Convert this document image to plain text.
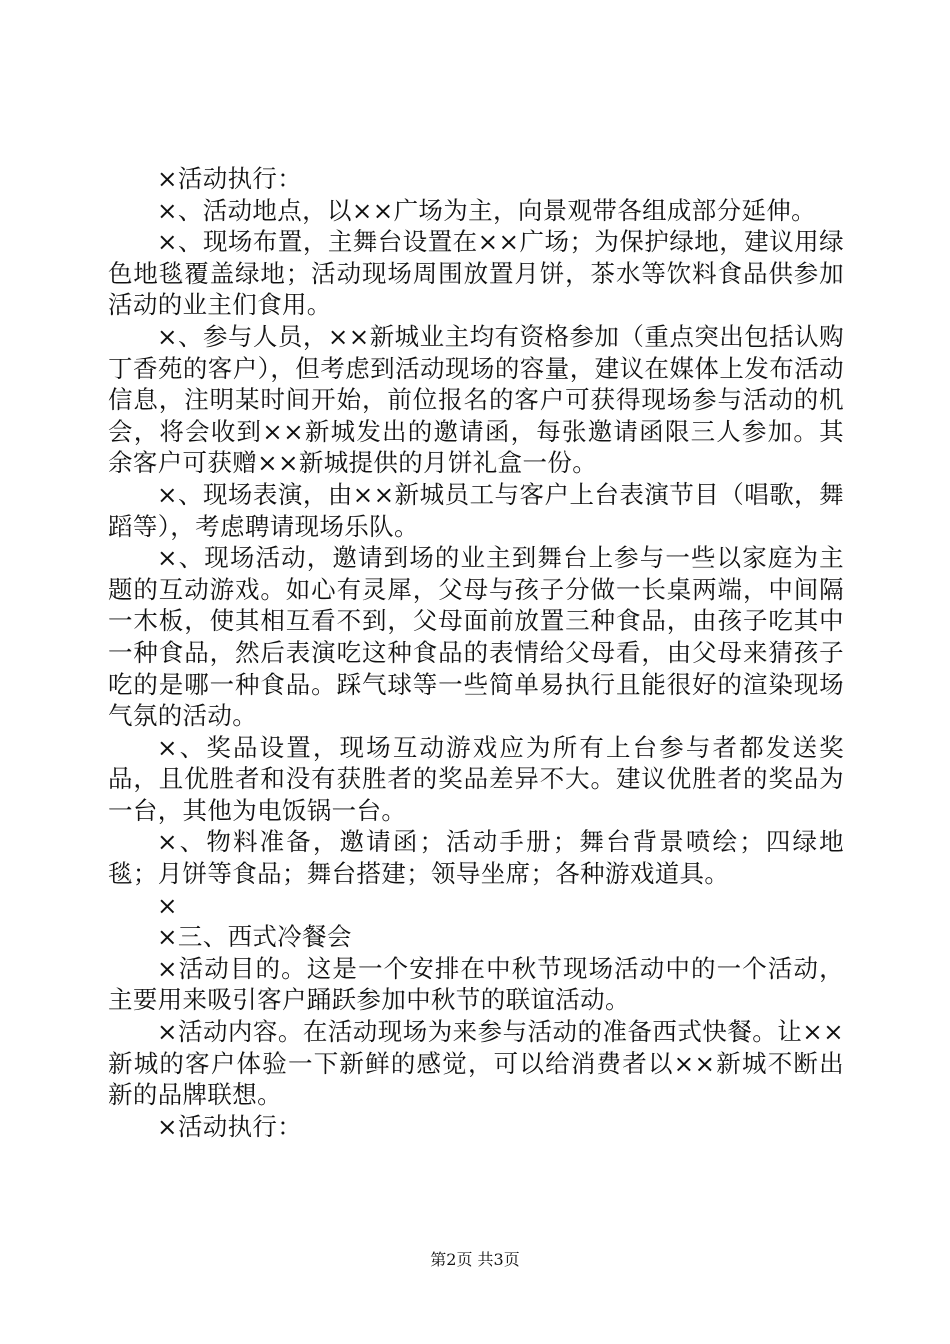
×活动执行：

×、活动地点，以××广场为主，向景观带各组成部分延伸。

×、现场布置，主舞台设置在××广场；为保护绿地，建议用绿色地毯覆盖绿地；活动现场周围放置月饼，茶水等饮料食品供参加活动的业主们食用。

×、参与人员，××新城业主均有资格参加（重点突出包括认购丁香苑的客户），但考虑到活动现场的容量，建议在媒体上发布活动信息，注明某时间开始，前位报名的客户可获得现场参与活动的机会，将会收到××新城发出的邀请函，每张邀请函限三人参加。其余客户可获赠××新城提供的月饼礼盒一份。

×、现场表演，由××新城员工与客户上台表演节目（唱歌，舞蹈等），考虑聘请现场乐队。

×、现场活动，邀请到场的业主到舞台上参与一些以家庭为主题的互动游戏。如心有灵犀，父母与孩子分做一长桌两端，中间隔一木板，使其相互看不到，父母面前放置三种食品，由孩子吃其中一种食品，然后表演吃这种食品的表情给父母看，由父母来猜孩子吃的是哪一种食品。踩气球等一些简单易执行且能很好的渲染现场气氛的活动。

×、奖品设置，现场互动游戏应为所有上台参与者都发送奖品，且优胜者和没有获胜者的奖品差异不大。建议优胜者的奖品为一台，其他为电饭锅一台。

×、物料准备，邀请函；活动手册；舞台背景喷绘；四绿地毯；月饼等食品；舞台搭建；领导坐席；各种游戏道具。

×

×三、西式冷餐会

×活动目的。这是一个安排在中秋节现场活动中的一个活动，主要用来吸引客户踊跃参加中秋节的联谊活动。

×活动内容。在活动现场为来参与活动的准备西式快餐。让××新城的客户体验一下新鲜的感觉，可以给消费者以××新城不断出新的品牌联想。

×活动执行：

第2页 共3页
